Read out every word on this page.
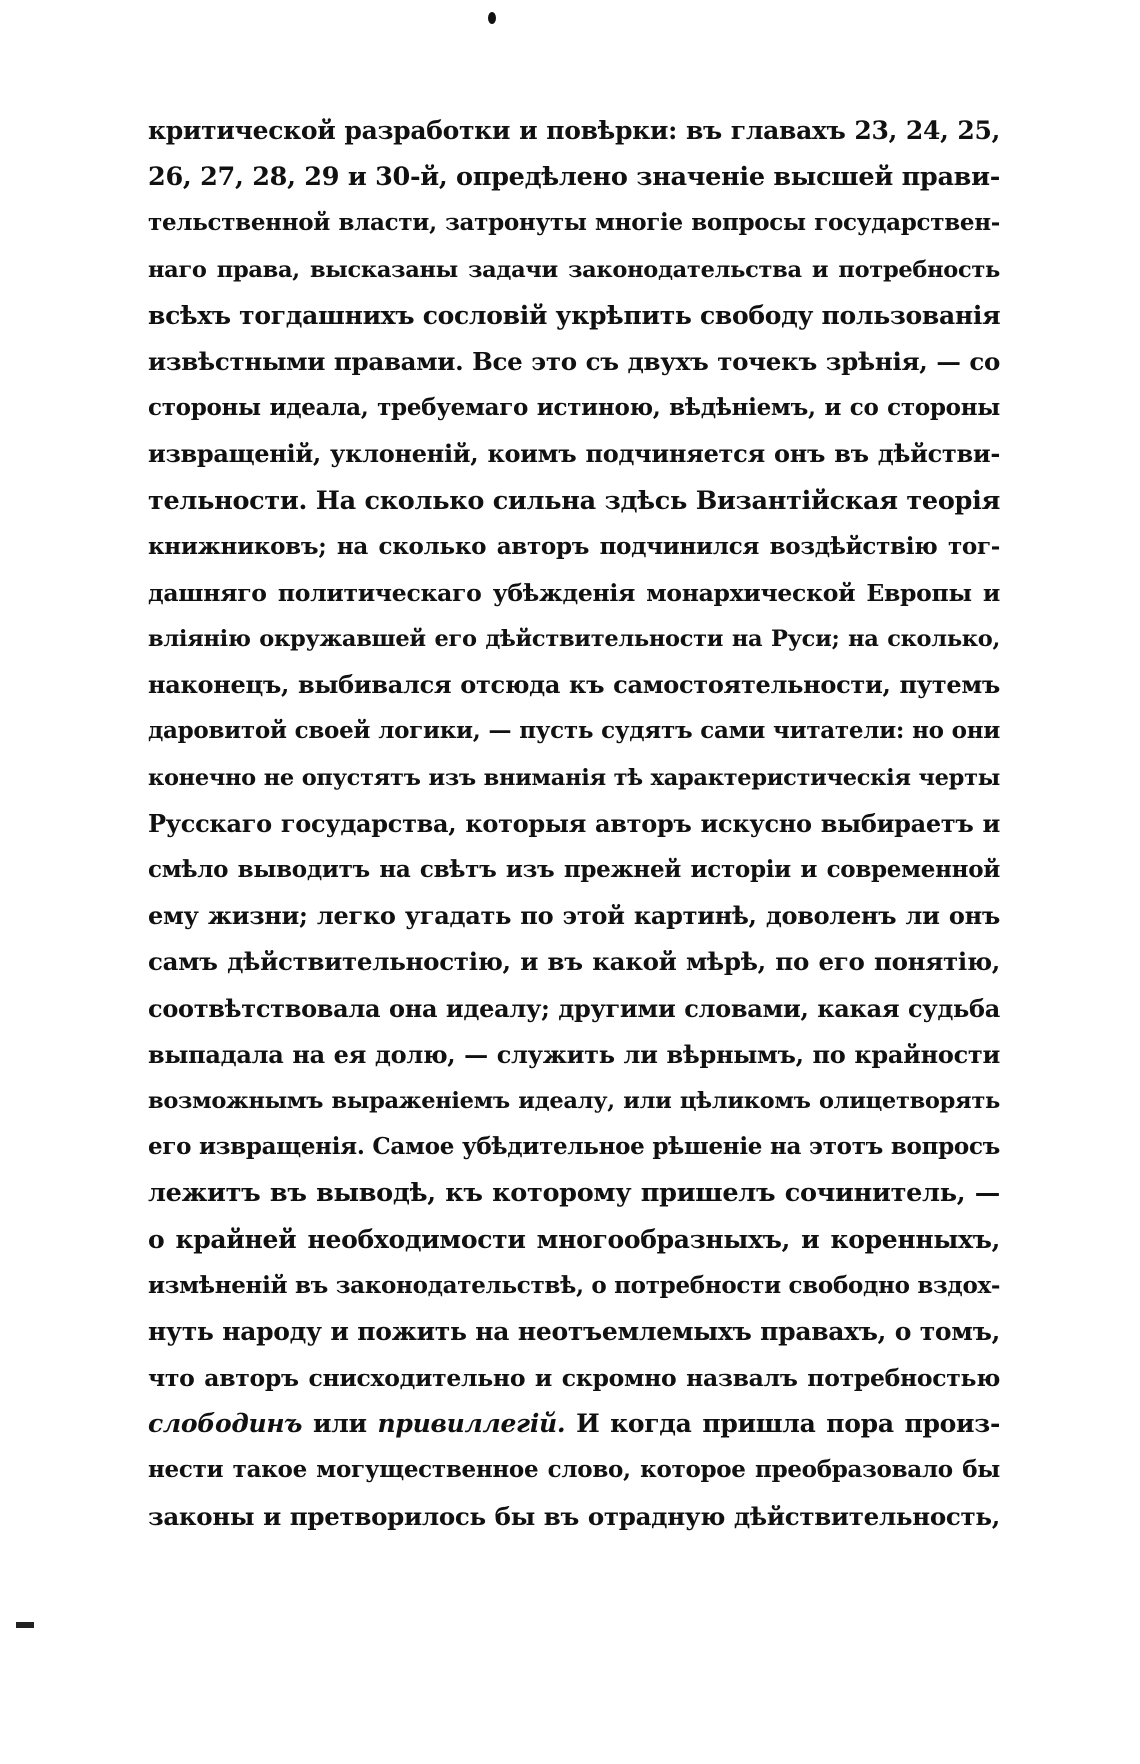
критической разработки и повѣрки: въ главахъ 23, 24, 25,
26, 27, 28, 29 и 30-й, опредѣлено значеніе высшей прави-
тельственной власти, затронуты многіе вопросы государствен-
наго права, высказаны задачи законодательства и потребность
всѣхъ тогдашнихъ сословій укрѣпить свободу пользованія
извѣстными правами. Все это съ двухъ точекъ зрѣнія, — со
стороны идеала, требуемаго истиною, вѣдѣніемъ, и со стороны
извращеній, уклоненій, коимъ подчиняется онъ въ дѣйстви-
тельности. На сколько сильна здѣсь Византійская теорія
книжниковъ; на сколько авторъ подчинился воздѣйствію тог-
дашняго политическаго убѣжденія монархической Европы и
вліянію окружавшей его дѣйствительности на Руси; на сколько,
наконецъ, выбивался отсюда къ самостоятельности, путемъ
даровитой своей логики, — пусть судятъ сами читатели: но они
конечно не опустятъ изъ вниманія тѣ характеристическія черты
Русскаго государства, которыя авторъ искусно выбираетъ и
смѣло выводитъ на свѣтъ изъ прежней исторіи и современной
ему жизни; легко угадать по этой картинѣ, доволенъ ли онъ
самъ дѣйствительностію, и въ какой мѣрѣ, по его понятію,
соотвѣтствовала она идеалу; другими словами, какая судьба
выпадала на ея долю, — служить ли вѣрнымъ, по крайности
возможнымъ выраженіемъ идеалу, или цѣликомъ олицетворять
его извращенія. Самое убѣдительное рѣшеніе на этотъ вопросъ
лежитъ въ выводѣ, къ которому пришелъ сочинитель, —
о крайней необходимости многообразныхъ, и коренныхъ,
измѣненій въ законодательствѣ, о потребности свободно вздох-
нуть народу и пожить на неотъемлемыхъ правахъ, о томъ,
что авторъ снисходительно и скромно назвалъ потребностью
слободинъ или привиллегій. И когда пришла пора произ-
нести такое могущественное слово, которое преобразовало бы
законы и претворилось бы въ отрадную дѣйствительность,
